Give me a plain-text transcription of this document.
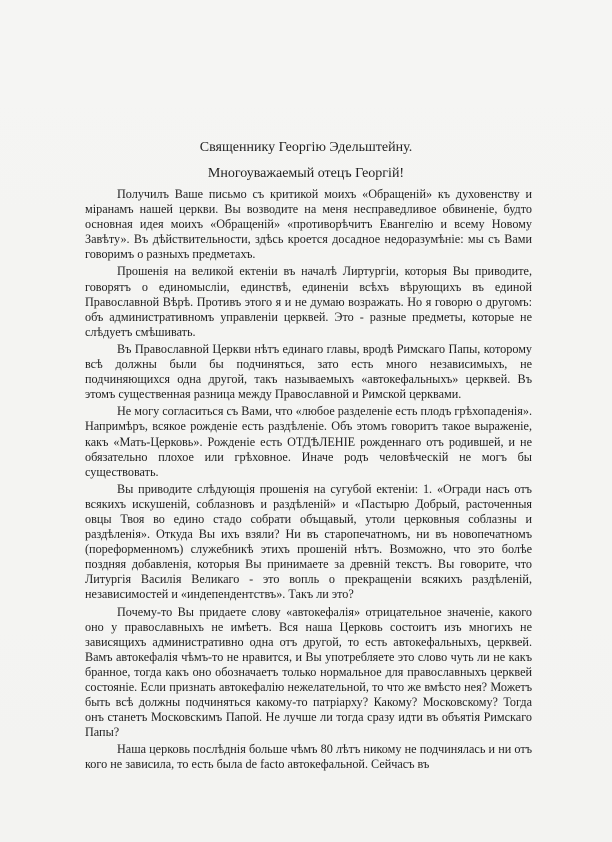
Священнику Георгію Эдельштейну.

Многоуважаемый отецъ Георгій!

Получилъ Ваше письмо съ критикой моихъ «Обращеній» къ духовенству и міранамъ нашей церкви. Вы возводите на меня несправедливое обвиненіе, будто основная идея моихъ «Обращеній» «противорѣчитъ Евангелію и всему Новому Завѣту». Въ дѣйствительности, здѣсь кроется досадное недоразумѣніе: мы съ Вами говоримъ о разныхъ предметахъ.

Прошенія на великой ектеніи въ началѣ Лиртургіи, которыя Вы приводите, говорятъ о единомысліи, единствѣ, единеніи всѣхъ вѣрующихъ въ единой Православной Вѣрѣ. Противъ этого я и не думаю возражать. Но я говорю о другомъ: объ административномъ управленіи церквей. Это - разные предметы, которые не слѣдуетъ смѣшивать.

Въ Православной Церкви нѣтъ единаго главы, вродѣ Римскаго Папы, которому всѣ должны были бы подчиняться, зато есть много независимыхъ, не подчиняющихся одна другой, такъ называемыхъ «автокефальныхъ» церквей. Въ этомъ существенная разница между Православной и Римской церквами.

Не могу согласиться съ Вами, что «любое разделеніе есть плодъ грѣхопаденія». Напримѣръ, всякое рожденіе есть раздѣленіе. Объ этомъ говоритъ такое выраженіе, какъ «Мать-Церковь». Рожденіе есть ОТДѢЛЕНІЕ рожденнаго отъ родившей, и не обязательно плохое или грѣховное. Иначе родъ человѣческій не могъ бы существовать.

Вы приводите слѣдующія прошенія на сугубой ектеніи: 1. «Огради насъ отъ всякихъ искушеній, соблазновъ и раздѣленій» и «Пастырю Добрый, расточенныя овцы Твоя во едино стадо собрати объщавый, утоли церковныя соблазны и раздѣленія». Откуда Вы ихъ взяли? Ни въ старопечатномъ, ни въ новопечатномъ (пореформенномъ) служебникѣ этихъ прошеній нѣтъ. Возможно, что это болѣе поздняя добавленія, которыя Вы принимаете за древній текстъ. Вы говорите, что Литургія Василія Великаго - это вопль о прекращеніи всякихъ раздѣленій, независимостей и «индепендентствъ». Такъ ли это?

Почему-то Вы придаете слову «автокефалія» отрицательное значеніе, какого оно у православныхъ не имѣетъ. Вся наша Церковь состоитъ изъ многихъ не зависящихъ административно одна отъ другой, то есть автокефальныхъ, церквей. Вамъ автокефалія чѣмъ-то не нравится, и Вы употребляете это слово чуть ли не какъ бранное, тогда какъ оно обозначаетъ только нормальное для православныхъ церквей состояніе. Если признать автокефалію нежелательной, то что же вмѣсто нея? Можетъ быть всѣ должны подчиняться какому-то патріарху? Какому? Московскому? Тогда онъ станетъ Московскимъ Папой. Не лучше ли тогда сразу идти въ объятія Римскаго Папы?

Наша церковь послѣднія больше чѣмъ 80 лѣтъ никому не подчинялась и ни отъ кого не зависила, то есть была de facto автокефальной. Сейчасъ въ
